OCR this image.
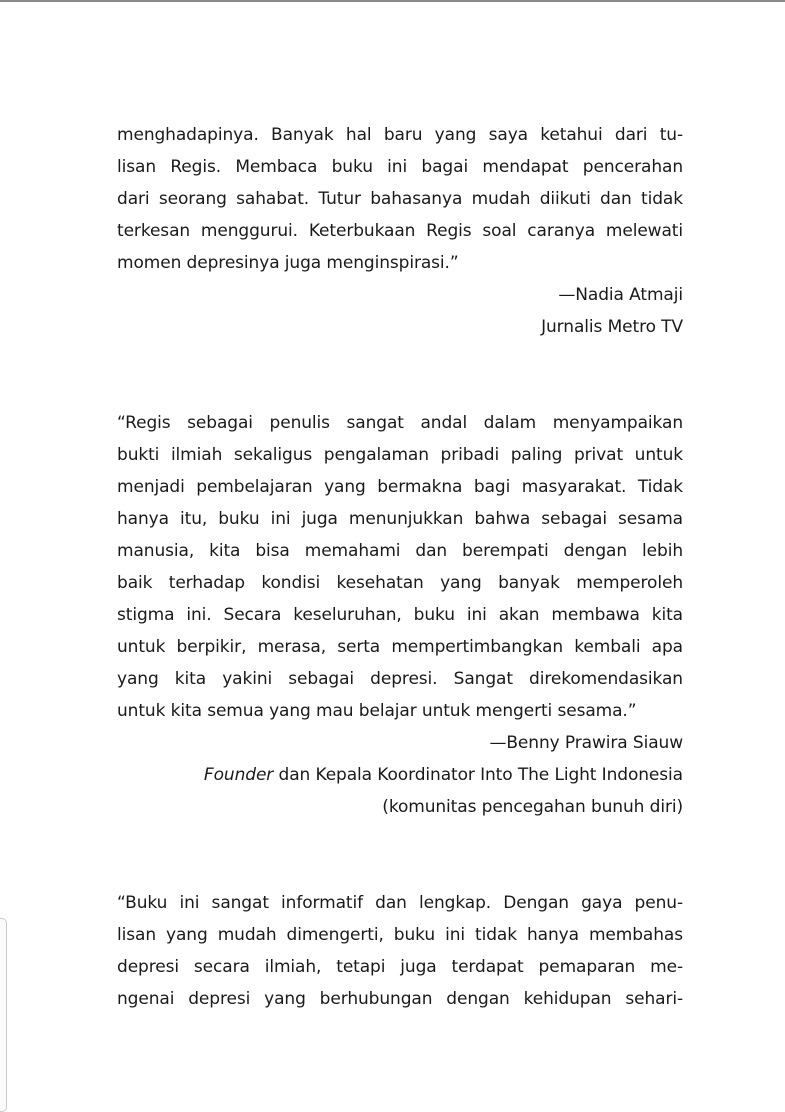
menghadapinya. Banyak hal baru yang saya ketahui dari tu-
lisan Regis. Membaca buku ini bagai mendapat pencerahan
dari seorang sahabat. Tutur bahasanya mudah diikuti dan tidak
terkesan menggurui. Keterbukaan Regis soal caranya melewati
momen depresinya juga menginspirasi.”

—Nadia Atmaji
Jurnalis Metro TV

“Regis sebagai penulis sangat andal dalam menyampaikan
bukti ilmiah sekaligus pengalaman pribadi paling privat untuk
menjadi pembelajaran yang bermakna bagi masyarakat. Tidak
hanya itu, buku ini juga menunjukkan bahwa sebagai sesama
manusia, kita bisa memahami dan berempati dengan lebih
baik terhadap kondisi kesehatan yang banyak memperoleh
stigma ini. Secara keseluruhan, buku ini akan membawa kita
untuk berpikir, merasa, serta mempertimbangkan kembali apa
yang kita yakini sebagai depresi. Sangat direkomendasikan
untuk kita semua yang mau belajar untuk mengerti sesama.”

—Benny Prawira Siauw
Founder dan Kepala Koordinator Into The Light Indonesia
(komunitas pencegahan bunuh diri)

“Buku ini sangat informatif dan lengkap. Dengan gaya penu-
lisan yang mudah dimengerti, buku ini tidak hanya membahas
depresi secara ilmiah, tetapi juga terdapat pemaparan me-
ngenai depresi yang berhubungan dengan kehidupan sehari-
